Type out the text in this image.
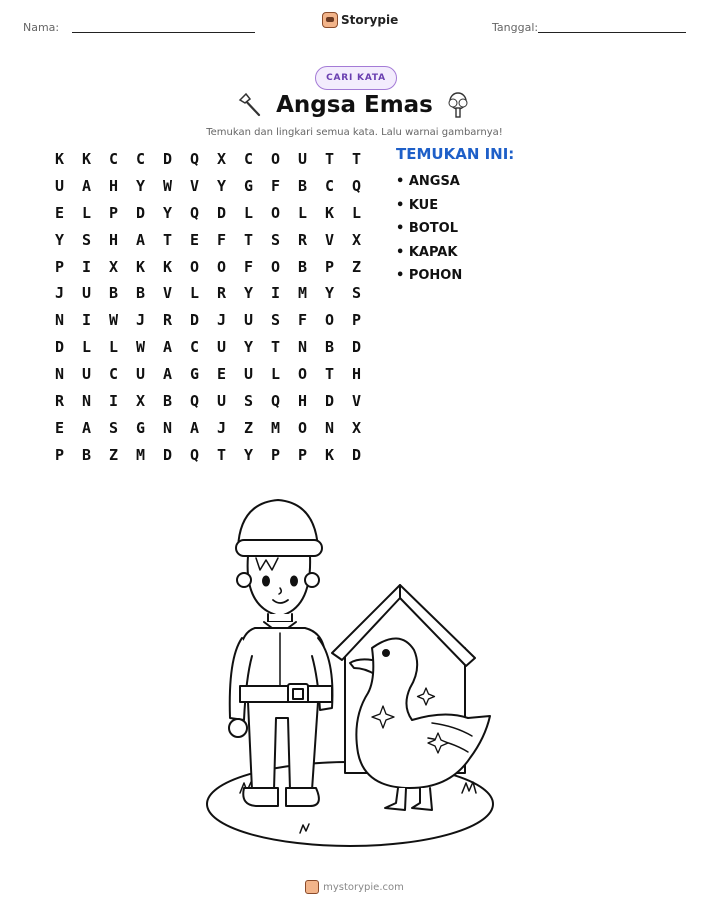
Nama:
Storypie
Tanggal:
CARI KATA
Angsa Emas
Temukan dan lingkari semua kata. Lalu warnai gambarnya!
K	K	C	C	D	Q	X	C	O	U	T	T
U	A	H	Y	W	V	Y	G	F	B	C	Q
E	L	P	D	Y	Q	D	L	O	L	K	L
Y	S	H	A	T	E	F	T	S	R	V	X
P	I	X	K	K	O	O	F	O	B	P	Z
J	U	B	B	V	L	R	Y	I	M	Y	S
N	I	W	J	R	D	J	U	S	F	O	P
D	L	L	W	A	C	U	Y	T	N	B	D
N	U	C	U	A	G	E	U	L	O	T	H
R	N	I	X	B	Q	U	S	Q	H	D	V
E	A	S	G	N	A	J	Z	M	O	N	X
P	B	Z	M	D	Q	T	Y	P	P	K	D
TEMUKAN INI:
• ANGSA
• KUE
• BOTOL
• KAPAK
• POHON
mystorypie.com
